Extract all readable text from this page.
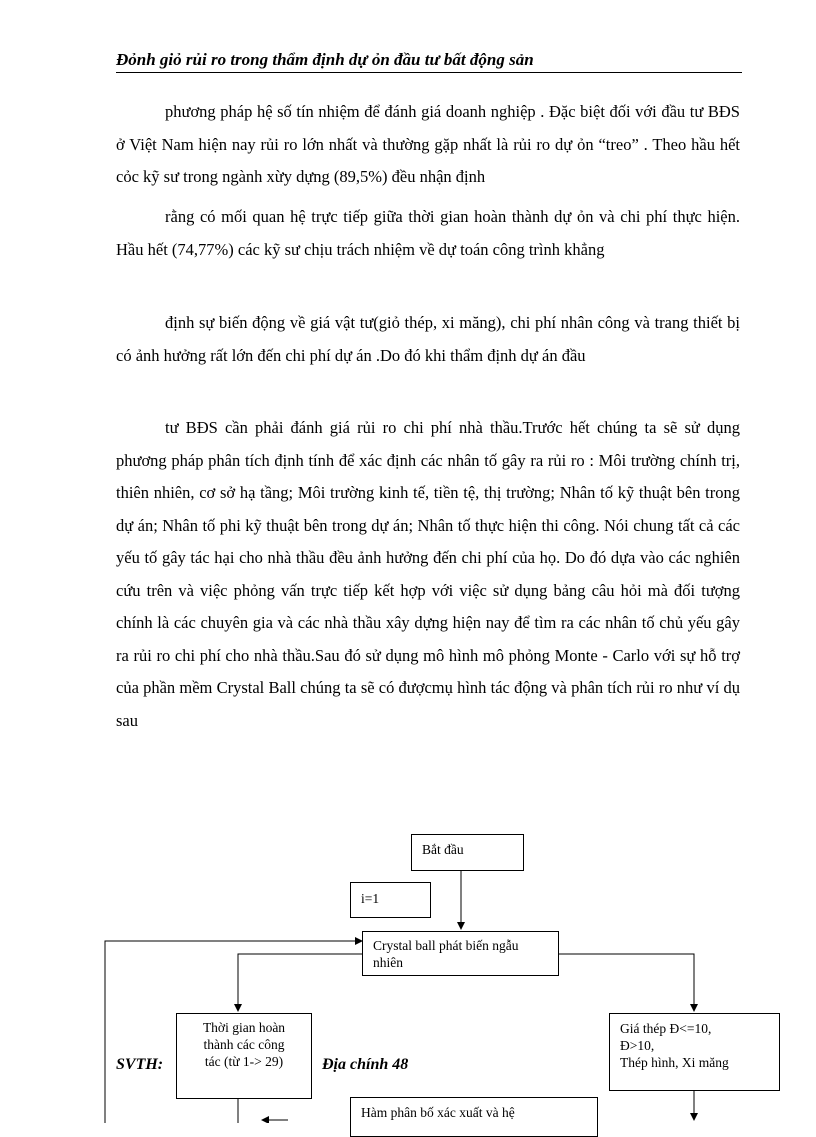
Đỏnh giỏ rủi ro trong thẩm định dự ỏn đầu tư bất động sản

phương pháp hệ số tín nhiệm để đánh giá doanh nghiệp . Đặc biệt đối với đầu tư BĐS ở Việt Nam hiện nay rủi ro lớn nhất và thường gặp nhất là rủi ro dự ỏn “treo” . Theo hầu hết cỏc kỹ sư trong ngành xừy dựng (89,5%) đều nhận định

rằng có mối quan hệ trực tiếp giữa thời gian hoàn thành dự ỏn và chi phí thực hiện. Hầu hết (74,77%) các kỹ sư chịu trách nhiệm về dự toán công trình khẳng

định sự biến động về giá vật tư(giỏ thép, xi măng), chi phí nhân công và trang thiết bị có ảnh hưởng rất lớn đến chi phí dự án .Do đó khi thẩm định dự án đầu

tư BĐS cần phải đánh giá rủi ro chi phí nhà thầu.Trước hết chúng ta sẽ sử dụng phương pháp phân tích định tính để xác định các nhân tố gây ra rủi ro : Môi trường chính trị, thiên nhiên, cơ sở hạ tầng; Môi trường kinh tế, tiền tệ, thị trường; Nhân tố kỹ thuật bên trong dự án; Nhân tố phi kỹ thuật bên trong dự án; Nhân tố thực hiện thi công. Nói chung tất cả các yếu tố gây tác hại cho nhà thầu đều ảnh hưởng đến chi phí của họ. Do đó dựa vào các nghiên cứu trên và việc phỏng vấn trực tiếp kết hợp với việc sử dụng bảng câu hỏi mà đối tượng chính là các chuyên gia và các nhà thầu xây dựng hiện nay để tìm ra các nhân tố chủ yếu gây ra rủi ro chi phí cho nhà thầu.Sau đó sử dụng mô hình mô phỏng Monte - Carlo với sự hỗ trợ của phần mềm Crystal Ball chúng ta sẽ có đượcmụ hình tác động và phân tích rủi ro như ví dụ sau

Bắt đầu
i=1
Crystal ball phát biến ngẫu
nhiên
Thời gian hoàn
thành các công
tác (từ 1-> 29)
Giá thép Đ<=10,
Đ>10,
Thép hình, Xi măng
Hàm phân bố xác xuất và hệ
SVTH:	Địa chính 48
